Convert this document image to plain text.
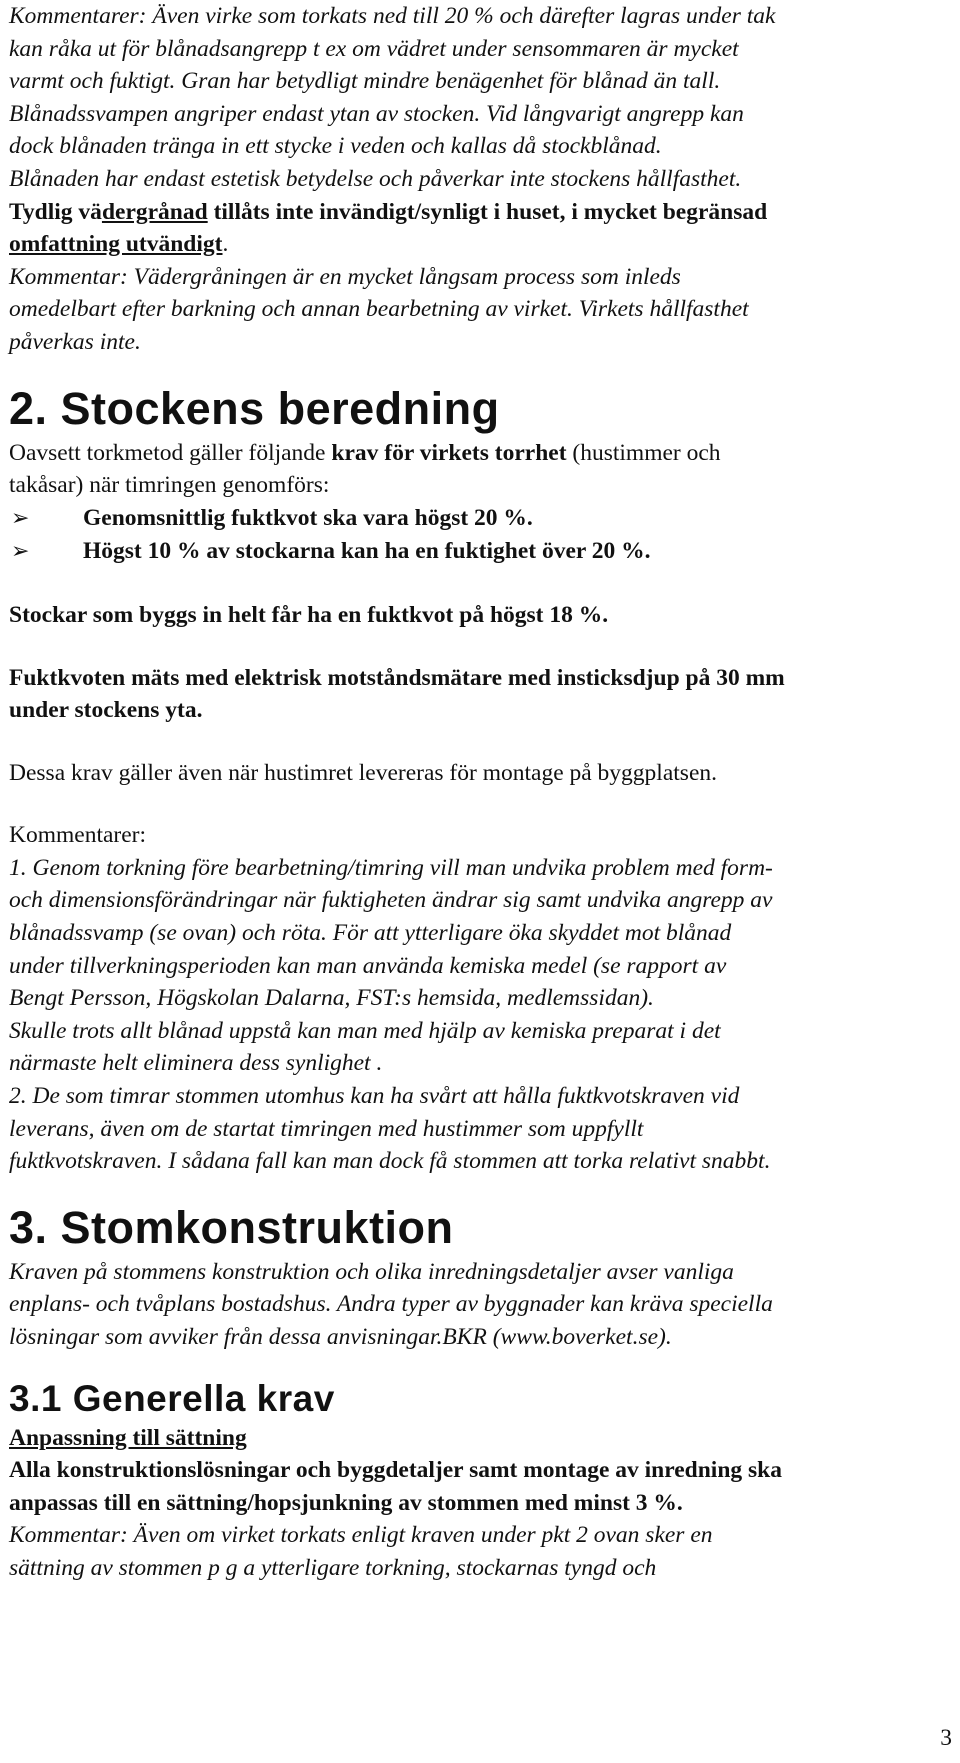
Kommentarer: Även virke som torkats ned till 20 % och därefter lagras under tak

kan råka ut för blånadsangrepp t ex om vädret under sensommaren är mycket

varmt och fuktigt. Gran har betydligt mindre benägenhet för blånad än tall.

Blånadssvampen angriper endast ytan av stocken. Vid långvarigt angrepp kan

dock blånaden tränga in ett stycke i veden och kallas då stockblånad.

Blånaden har endast estetisk betydelse och påverkar inte stockens hållfasthet.

Tydlig vädergrånad tillåts inte invändigt/synligt i huset, i mycket begränsad

omfattning utvändigt.

Kommentar: Vädergråningen är en mycket långsam process som inleds

omedelbart efter barkning och annan bearbetning av virket. Virkets hållfasthet

påverkas inte.

2. Stockens beredning

Oavsett torkmetod gäller följande krav för virkets torrhet (hustimmer och

takåsar) när timringen genomförs:

➢	Genomsnittlig fuktkvot ska vara högst 20 %.
➢	Högst 10 % av stockarna kan ha en fuktighet över 20 %.

Stockar som byggs in helt får ha en fuktkvot på högst 18 %.

Fuktkvoten mäts med elektrisk motståndsmätare med insticksdjup på 30 mm

under stockens yta.

Dessa krav gäller även när hustimret levereras för montage på byggplatsen.

Kommentarer:

1. Genom torkning före bearbetning/timring vill man undvika problem med form-

och dimensionsförändringar när fuktigheten ändrar sig samt undvika angrepp av

blånadssvamp (se ovan) och röta. För att ytterligare öka skyddet mot blånad

under tillverkningsperioden kan man använda kemiska medel (se rapport av

Bengt Persson, Högskolan Dalarna, FST:s hemsida, medlemssidan).

Skulle trots allt blånad uppstå kan man med hjälp av kemiska preparat i det

närmaste helt eliminera dess synlighet .

2. De som timrar stommen utomhus kan ha svårt att hålla fuktkvotskraven vid

leverans, även om de startat timringen med hustimmer som uppfyllt

fuktkvotskraven. I sådana fall kan man dock få stommen att torka relativt snabbt.

3. Stomkonstruktion

Kraven på stommens konstruktion och olika inredningsdetaljer avser vanliga

enplans- och tvåplans bostadshus. Andra typer av byggnader kan kräva speciella

lösningar som avviker från dessa anvisningar.BKR (www.boverket.se).

3.1 Generella krav

Anpassning till sättning

Alla konstruktionslösningar och byggdetaljer samt montage av inredning ska

anpassas till en sättning/hopsjunkning av stommen med minst 3 %.

Kommentar: Även om virket torkats enligt kraven under pkt 2 ovan sker en

sättning av stommen p g a ytterligare torkning, stockarnas tyngd och

3
